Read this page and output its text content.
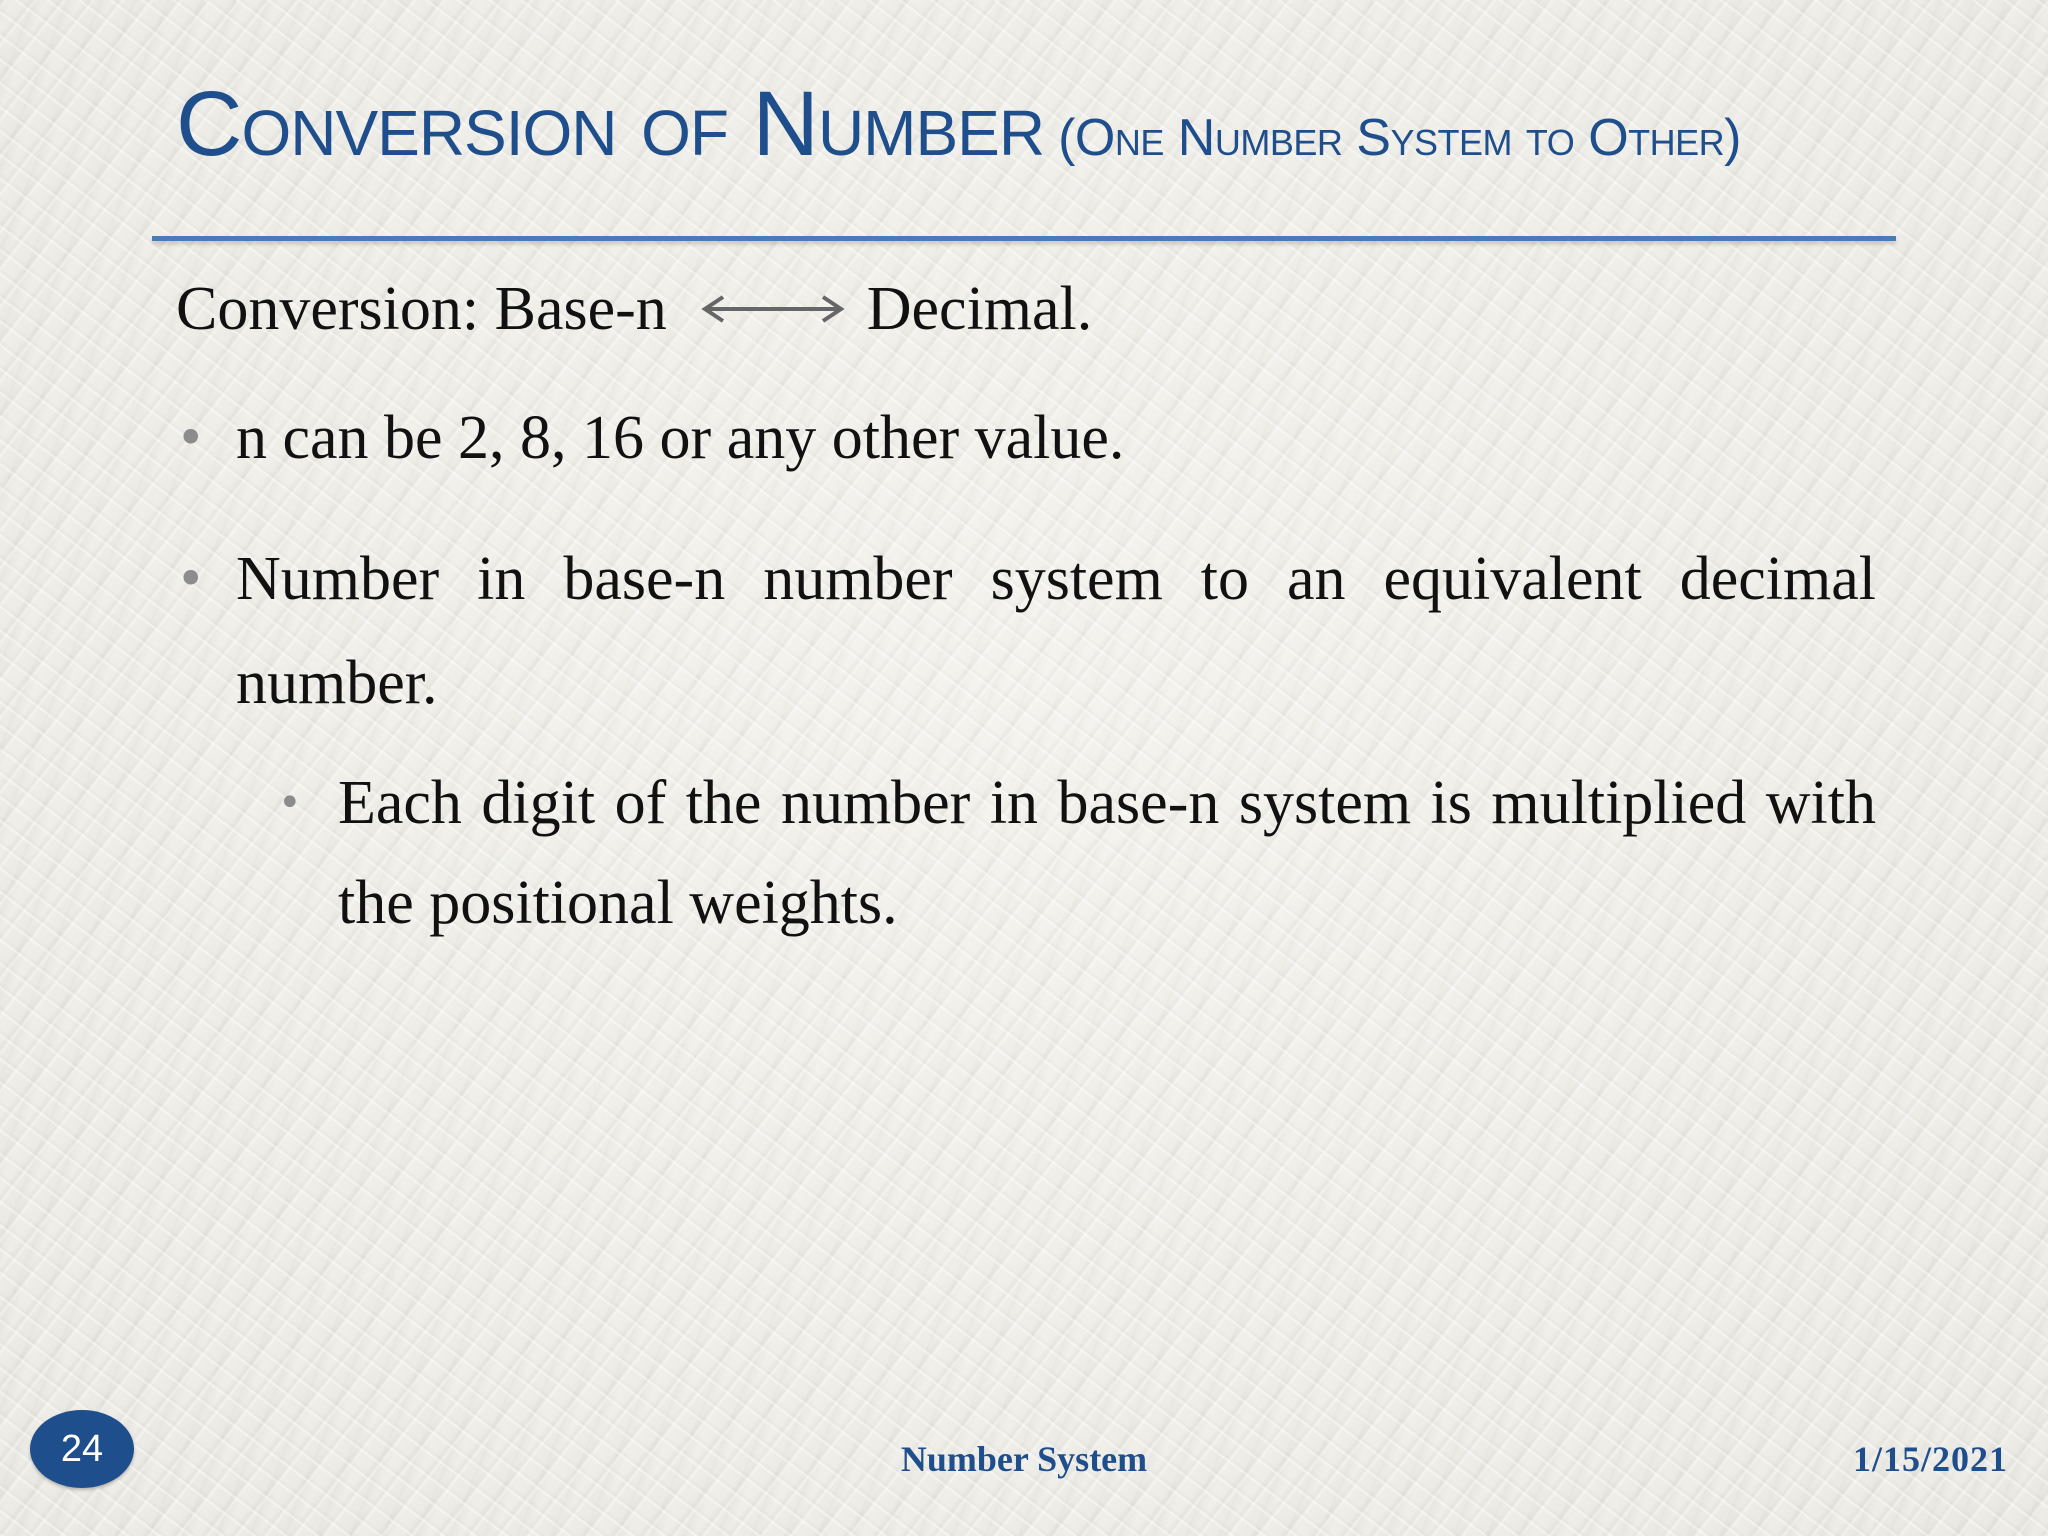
Conversion of Number (One Number System to Other)
Conversion: Base-n	Decimal.
• n can be 2, 8, 16 or any other value.
• Number in base-n number system to an equivalent decimal number.
• Each digit of the number in base-n system is multiplied with the positional weights.
24	Number System	1/15/2021
